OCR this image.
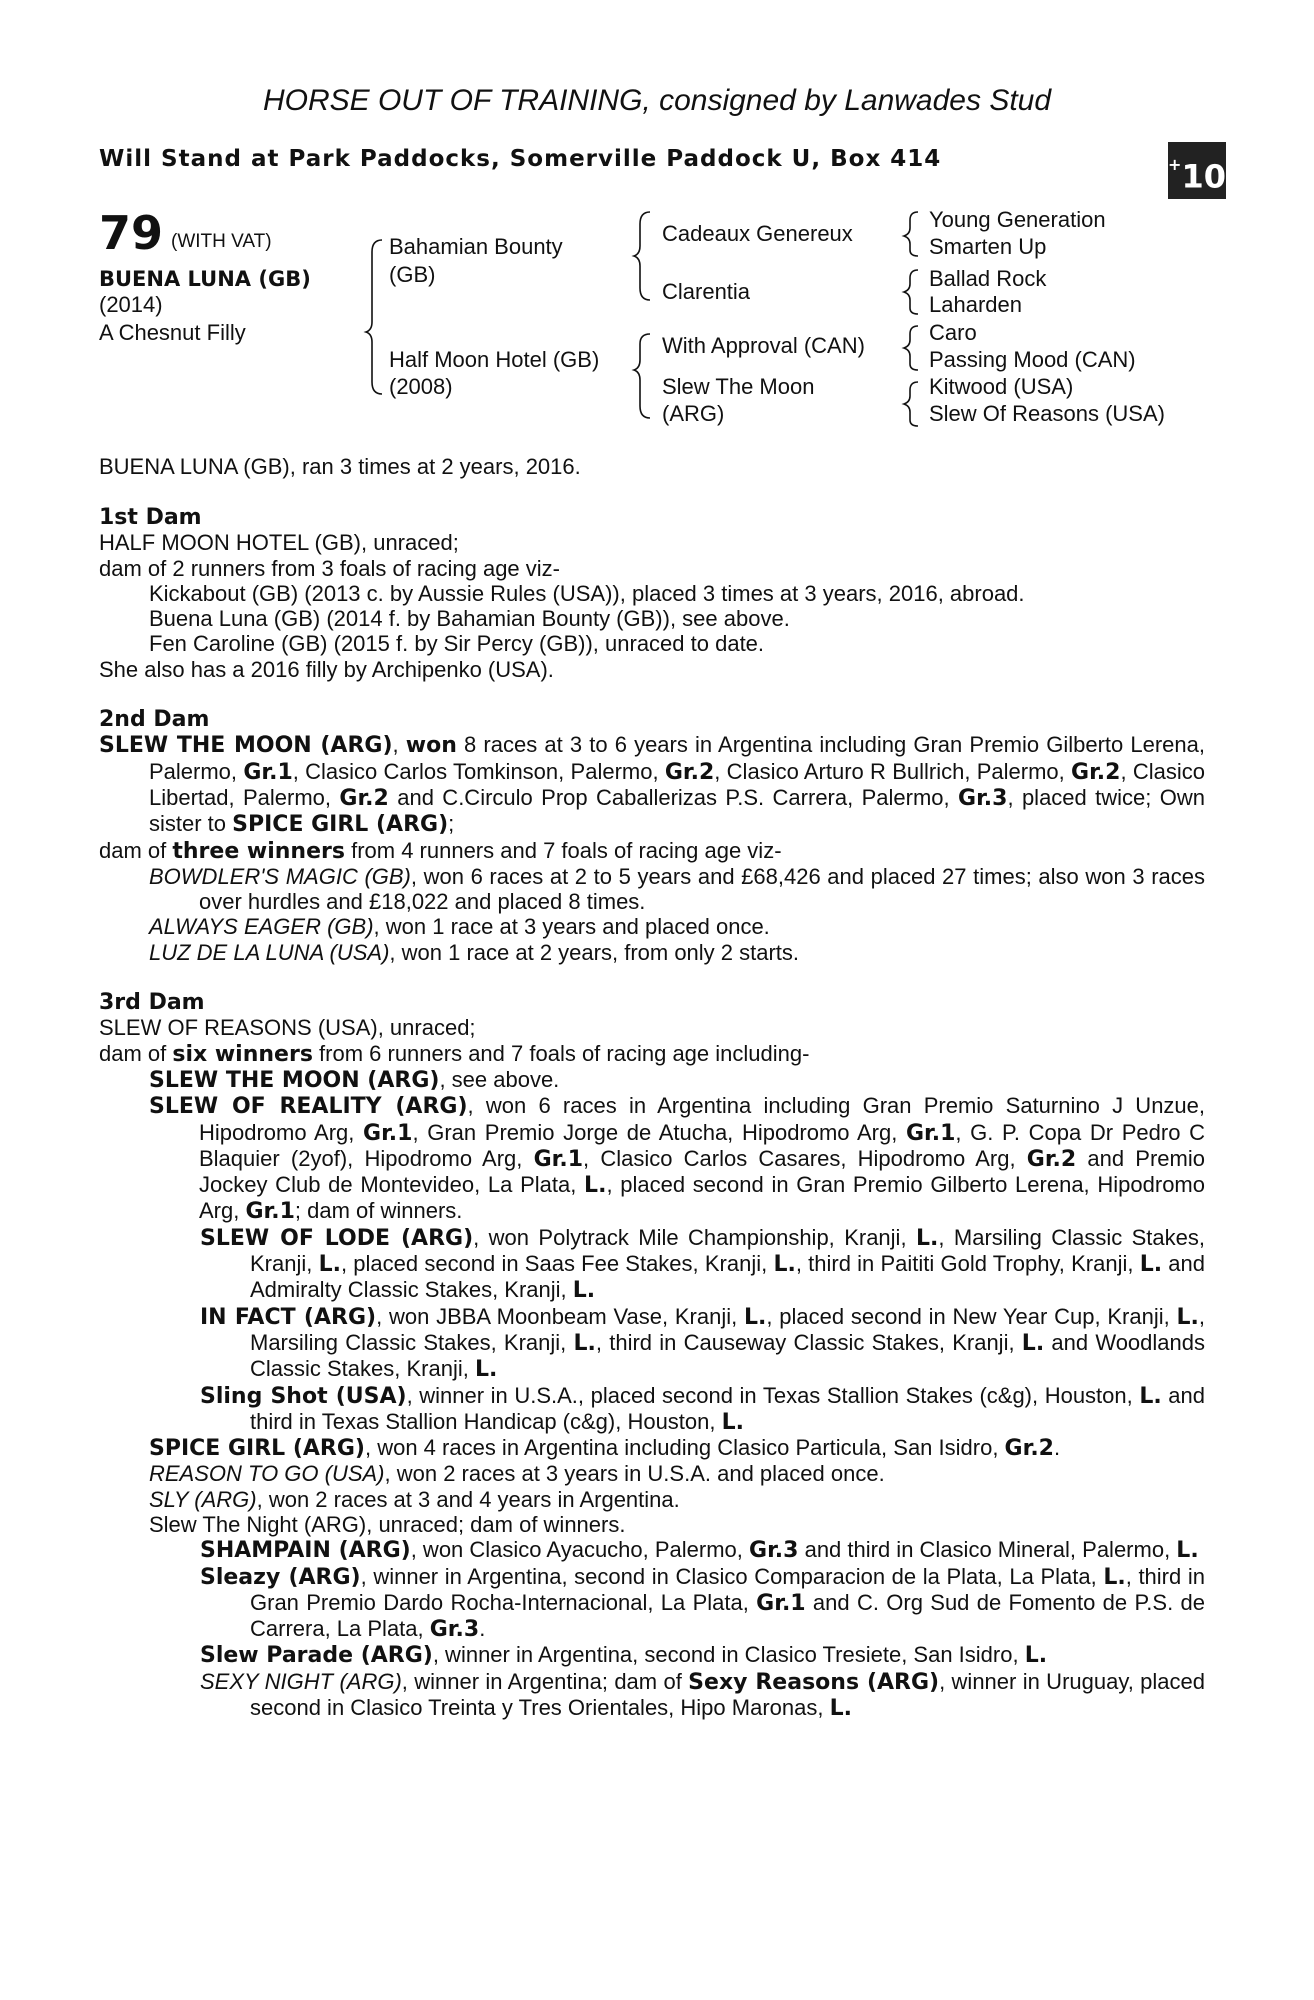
HORSE OUT OF TRAINING, consigned by Lanwades Stud
Will Stand at Park Paddocks, Somerville Paddock U, Box 414	+10
79 (WITH VAT)
BUENA LUNA (GB)
(2014)
A Chesnut Filly
Bahamian Bounty
(GB)
Half Moon Hotel (GB)
(2008)
Cadeaux Genereux
Clarentia
With Approval (CAN)
Slew The Moon
(ARG)
Young Generation
Smarten Up
Ballad Rock
Laharden
Caro
Passing Mood (CAN)
Kitwood (USA)
Slew Of Reasons (USA)
BUENA LUNA (GB), ran 3 times at 2 years, 2016.

1st Dam

HALF MOON HOTEL (GB), unraced;

dam of 2 runners from 3 foals of racing age viz-

Kickabout (GB) (2013 c. by Aussie Rules (USA)), placed 3 times at 3 years, 2016, abroad.

Buena Luna (GB) (2014 f. by Bahamian Bounty (GB)), see above.

Fen Caroline (GB) (2015 f. by Sir Percy (GB)), unraced to date.

She also has a 2016 filly by Archipenko (USA).

2nd Dam

SLEW THE MOON (ARG), won 8 races at 3 to 6 years in Argentina including Gran Premio Gilberto Lerena, Palermo, Gr.1, Clasico Carlos Tomkinson, Palermo, Gr.2, Clasico Arturo R Bullrich, Palermo, Gr.2, Clasico Libertad, Palermo, Gr.2 and C.Circulo Prop Caballerizas P.S. Carrera, Palermo, Gr.3, placed twice; Own sister to SPICE GIRL (ARG);

dam of three winners from 4 runners and 7 foals of racing age viz-

BOWDLER'S MAGIC (GB), won 6 races at 2 to 5 years and £68,426 and placed 27 times; also won 3 races over hurdles and £18,022 and placed 8 times.

ALWAYS EAGER (GB), won 1 race at 3 years and placed once.

LUZ DE LA LUNA (USA), won 1 race at 2 years, from only 2 starts.

3rd Dam

SLEW OF REASONS (USA), unraced;

dam of six winners from 6 runners and 7 foals of racing age including-

SLEW THE MOON (ARG), see above.

SLEW OF REALITY (ARG), won 6 races in Argentina including Gran Premio Saturnino J Unzue, Hipodromo Arg, Gr.1, Gran Premio Jorge de Atucha, Hipodromo Arg, Gr.1, G. P. Copa Dr Pedro C Blaquier (2yof), Hipodromo Arg, Gr.1, Clasico Carlos Casares, Hipodromo Arg, Gr.2 and Premio Jockey Club de Montevideo, La Plata, L., placed second in Gran Premio Gilberto Lerena, Hipodromo Arg, Gr.1; dam of winners.

SLEW OF LODE (ARG), won Polytrack Mile Championship, Kranji, L., Marsiling Classic Stakes, Kranji, L., placed second in Saas Fee Stakes, Kranji, L., third in Paititi Gold Trophy, Kranji, L. and Admiralty Classic Stakes, Kranji, L.

IN FACT (ARG), won JBBA Moonbeam Vase, Kranji, L., placed second in New Year Cup, Kranji, L., Marsiling Classic Stakes, Kranji, L., third in Causeway Classic Stakes, Kranji, L. and Woodlands Classic Stakes, Kranji, L.

Sling Shot (USA), winner in U.S.A., placed second in Texas Stallion Stakes (c&g), Houston, L. and third in Texas Stallion Handicap (c&g), Houston, L.

SPICE GIRL (ARG), won 4 races in Argentina including Clasico Particula, San Isidro, Gr.2.

REASON TO GO (USA), won 2 races at 3 years in U.S.A. and placed once.

SLY (ARG), won 2 races at 3 and 4 years in Argentina.

Slew The Night (ARG), unraced; dam of winners.

SHAMPAIN (ARG), won Clasico Ayacucho, Palermo, Gr.3 and third in Clasico Mineral, Palermo, L.

Sleazy (ARG), winner in Argentina, second in Clasico Comparacion de la Plata, La Plata, L., third in Gran Premio Dardo Rocha-Internacional, La Plata, Gr.1 and C. Org Sud de Fomento de P.S. de Carrera, La Plata, Gr.3.

Slew Parade (ARG), winner in Argentina, second in Clasico Tresiete, San Isidro, L.

SEXY NIGHT (ARG), winner in Argentina; dam of Sexy Reasons (ARG), winner in Uruguay, placed second in Clasico Treinta y Tres Orientales, Hipo Maronas, L.
